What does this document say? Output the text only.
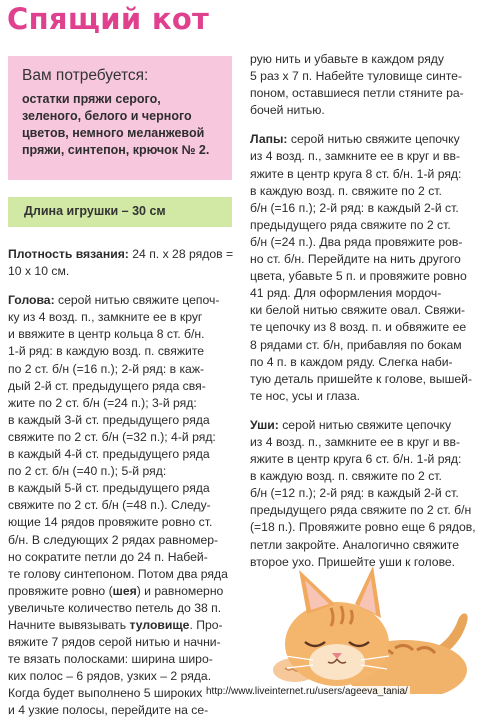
Спящий кот

Вам потребуется:

остатки пряжи серого,
зеленого, белого и черного
цветов, немного меланжевой
пряжи, синтепон, крючок № 2.

Длина игрушки – 30 см

Плотность вязания: 24 п. х 28 рядов =

10 х 10 см.

Голова: серой нитью свяжите цепоч-

ку из 4 возд. п., замкните ее в круг

и ввяжите в центр кольца 8 ст. б/н.

1-й ряд: в каждую возд. п. свяжите

по 2 ст. б/н (=16 п.); 2-й ряд: в каж-

дый 2-й ст. предыдущего ряда свя-

жите по 2 ст. б/н (=24 п.); 3-й ряд:

в каждый 3-й ст. предыдущего ряда

свяжите по 2 ст. б/н (=32 п.); 4-й ряд:

в каждый 4-й ст. предыдущего ряда

по 2 ст. б/н (=40 п.); 5-й ряд:

в каждый 5-й ст. предыдущего ряда

свяжите по 2 ст. б/н (=48 п.). Следу-

ющие 14 рядов провяжите ровно ст.

б/н. В следующих 2 рядах равномер-

но сократите петли до 24 п. Набей-

те голову синтепоном. Потом два ряда

провяжите ровно (шея) и равномерно

увеличьте количество петель до 38 п.

Начните вывязывать туловище. Про-

вяжите 7 рядов серой нитью и начни-

те вязать полосками: ширина широ-

ких полос – 6 рядов, узких – 2 ряда.

Когда будет выполнено 5 широких

и 4 узкие полосы, перейдите на се-

рую нить и убавьте в каждом ряду

5 раз х 7 п. Набейте туловище синте-

поном, оставшиеся петли стяните ра-

бочей нитью.

Лапы: серой нитью свяжите цепочку

из 4 возд. п., замкните ее в круг и вв-

яжите в центр круга 8 ст. б/н. 1-й ряд:

в каждую возд. п. свяжите по 2 ст.

б/н (=16 п.); 2-й ряд: в каждый 2-й ст.

предыдущего ряда свяжите по 2 ст.

б/н (=24 п.). Два ряда провяжите ров-

но ст. б/н. Перейдите на нить другого

цвета, убавьте 5 п. и провяжите ровно

41 ряд. Для оформления мордоч-

ки белой нитью свяжите овал. Свяжи-

те цепочку из 8 возд. п. и обвяжите ее

8 рядами ст. б/н, прибавляя по бокам

по 4 п. в каждом ряду. Слегка наби-

тую деталь пришейте к голове, вышей-

те нос, усы и глаза.

Уши: серой нитью свяжите цепочку

из 4 возд. п., замкните ее в круг и вв-

яжите в центр круга 6 ст. б/н. 1-й ряд:

в каждую возд. п. свяжите по 2 ст.

б/н (=12 п.); 2-й ряд: в каждый 2-й ст.

предыдущего ряда свяжите по 2 ст. б/н

(=18 п.). Провяжите ровно еще 6 рядов,

петли закройте. Аналогично свяжите

второе ухо. Пришейте уши к голове.

http://www.liveinternet.ru/users/ageeva_tania/
